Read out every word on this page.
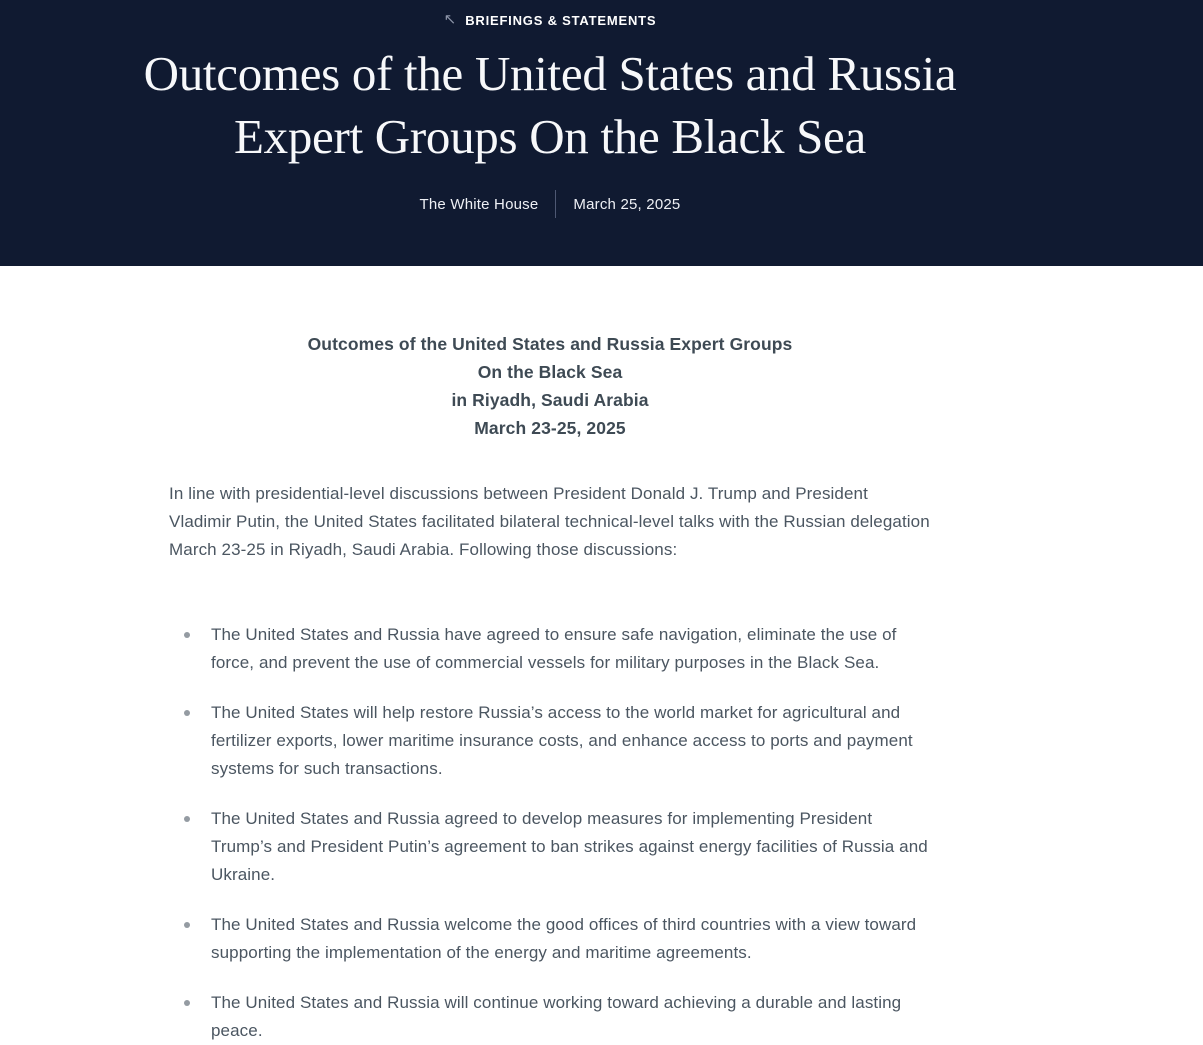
↖ BRIEFINGS & STATEMENTS
Outcomes of the United States and Russia Expert Groups On the Black Sea
The White House March 25, 2025
Outcomes of the United States and Russia Expert Groups
On the Black Sea
in Riyadh, Saudi Arabia
March 23-25, 2025

In line with presidential-level discussions between President Donald J. Trump and President Vladimir Putin, the United States facilitated bilateral technical-level talks with the Russian delegation March 23-25 in Riyadh, Saudi Arabia. Following those discussions:

The United States and Russia have agreed to ensure safe navigation, eliminate the use of force, and prevent the use of commercial vessels for military purposes in the Black Sea.
The United States will help restore Russia’s access to the world market for agricultural and fertilizer exports, lower maritime insurance costs, and enhance access to ports and payment systems for such transactions.
The United States and Russia agreed to develop measures for implementing President Trump’s and President Putin’s agreement to ban strikes against energy facilities of Russia and Ukraine.
The United States and Russia welcome the good offices of third countries with a view toward supporting the implementation of the energy and maritime agreements.
The United States and Russia will continue working toward achieving a durable and lasting peace.
